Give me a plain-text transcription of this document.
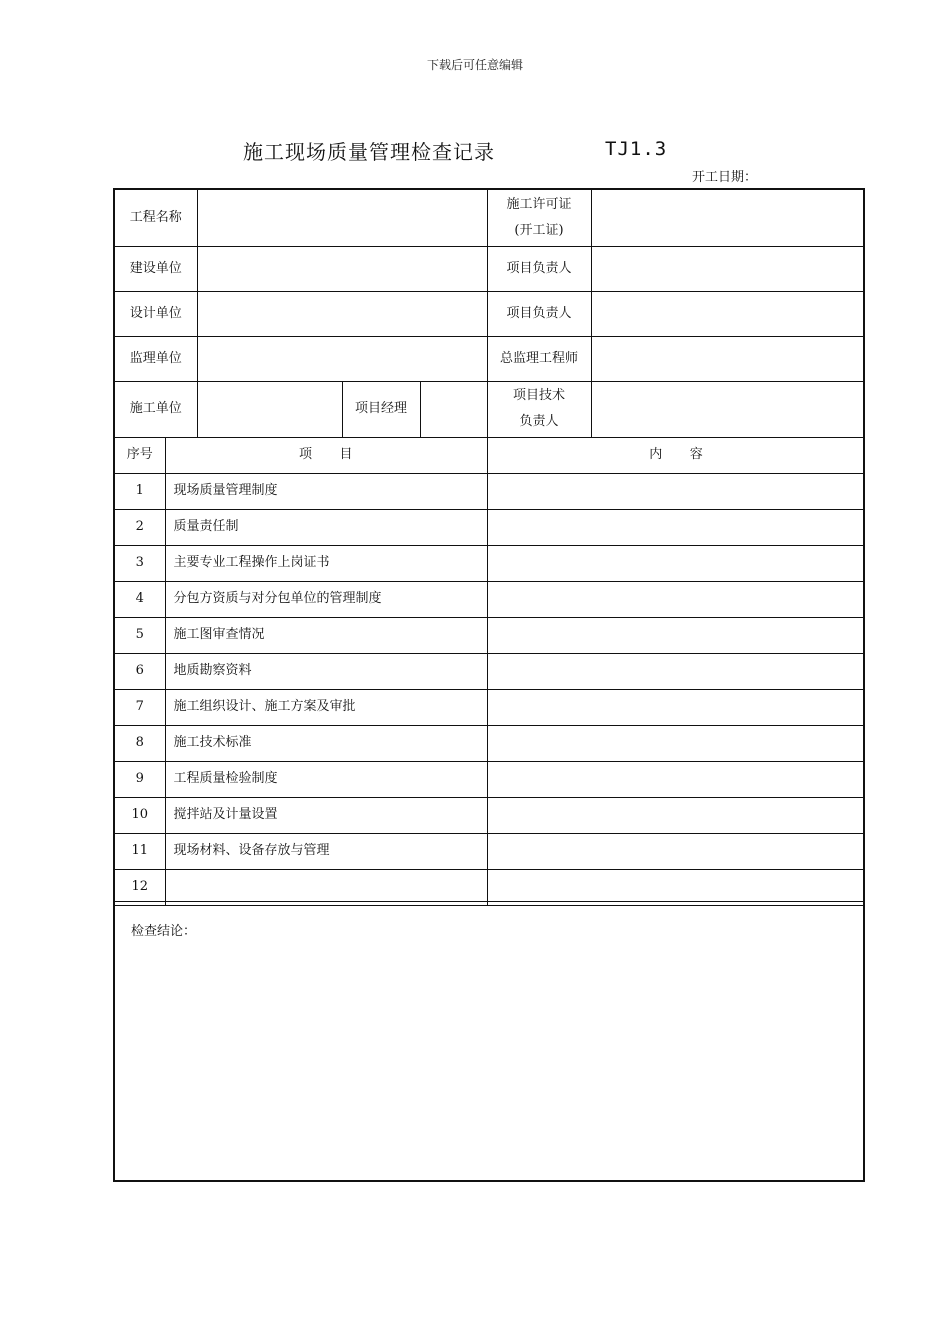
下载后可任意编辑
施工现场质量管理检查记录	TJ1.3
开工日期：
工程名称				施工许可证
(开工证)	

建设单位				项目负责人	
设计单位				项目负责人	
监理单位				总监理工程师	
施工单位		项目经理		项目技术
负责人	

序号	项　　目	内　　容
1	现场质量管理制度	
2	质量责任制	
3	主要专业工程操作上岗证书	
4	分包方资质与对分包单位的管理制度	
5	施工图审查情况	
6	地质勘察资料	
7	施工组织设计、施工方案及审批	
8	施工技术标准	
9	工程质量检验制度	
10	搅拌站及计量设置	
11	现场材料、设备存放与管理	
12		
检查结论：
